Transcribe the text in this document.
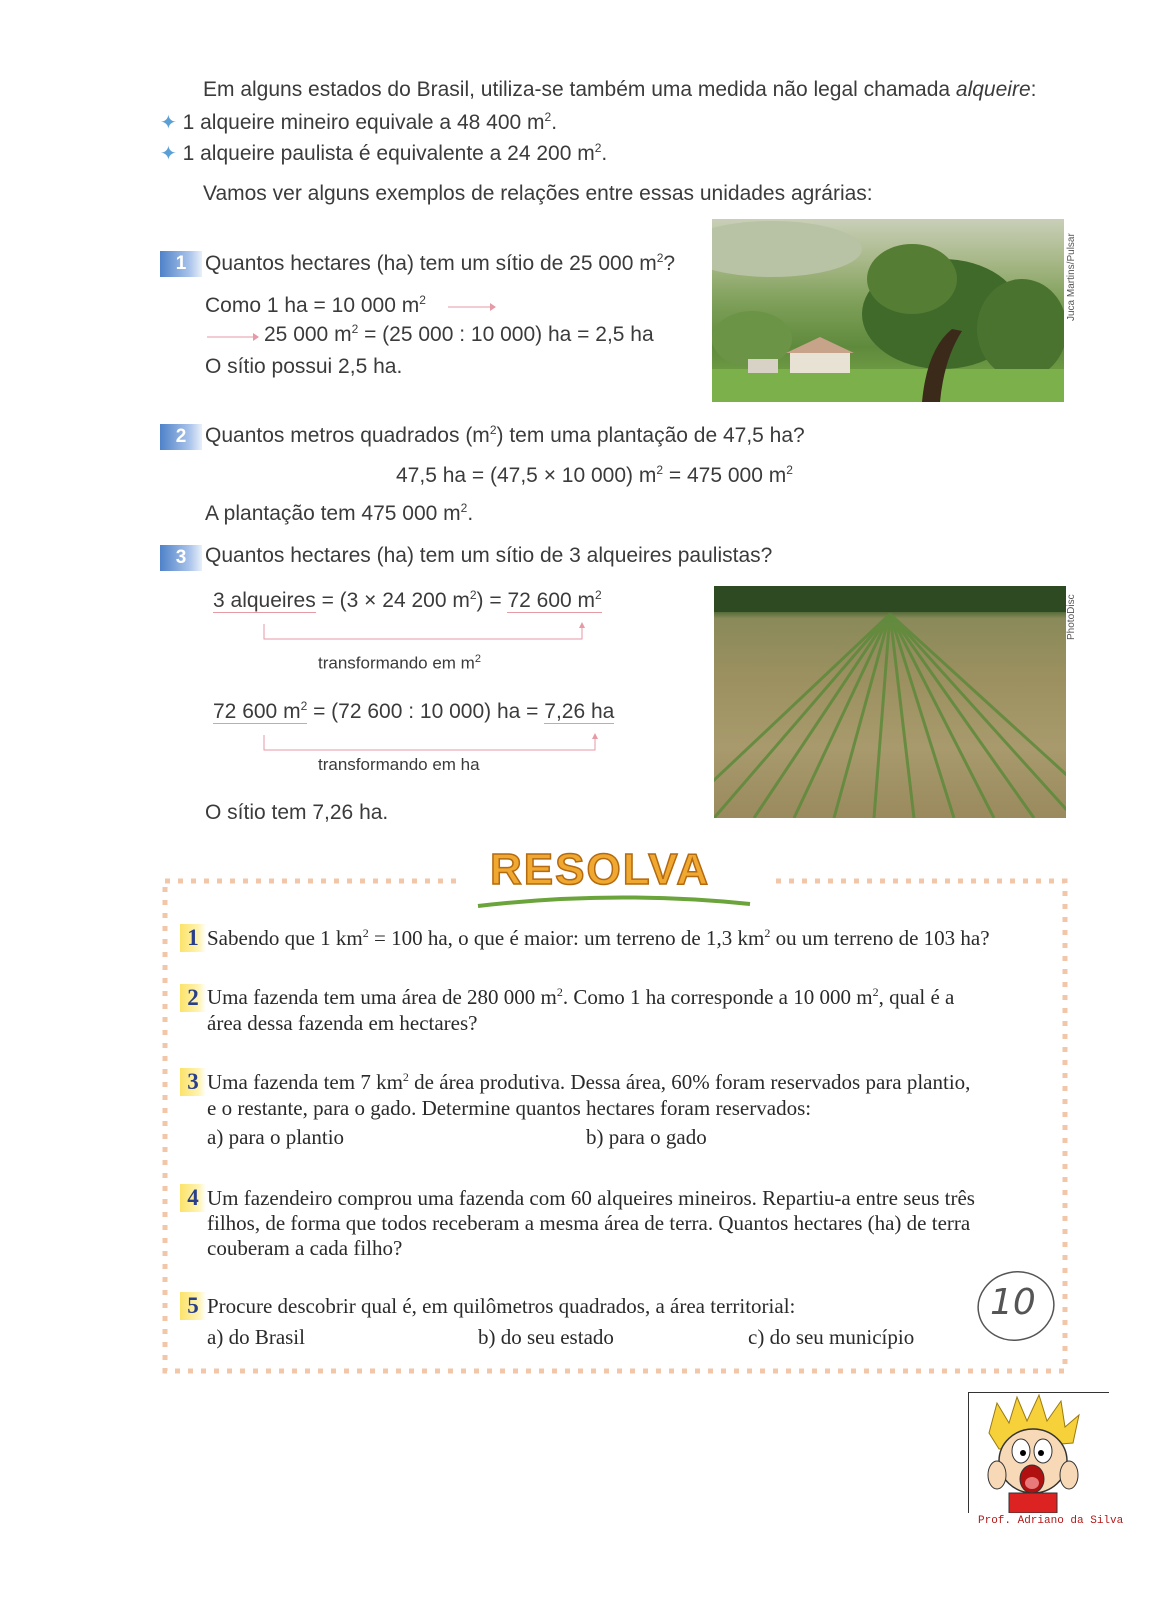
Em alguns estados do Brasil, utiliza-se também uma medida não legal chamada alqueire:
✦ 1 alqueire mineiro equivale a 48 400 $m^2$.
✦ 1 alqueire paulista é equivalente a 24 200 $m^2$.
Vamos ver alguns exemplos de relações entre essas unidades agrárias:
1 Quantos hectares (ha) tem um sítio de 25 000 $m^2$?
Como 1 ha = 10 000 $m^2$
25 000 $m^2 = (25$ 000 : 10 000) ha = 2,5 ha
O sítio possui 2,5 ha.
Juca Martins/Pulsar
2 Quantos metros quadrados $(m^2)$ tem uma plantação de 47,5 ha?
47,5 ha = (47,5 × 10 000) $m^2 = 475$ 000 $m^2$
A plantação tem 475 000 $m^2$.
3 Quantos hectares (ha) tem um sítio de 3 alqueires paulistas?
3 alqueires = (3 × 24 200 $m^2) = 72$ 600 $m^2$
transformando em $m^2$
72 600 $m^2 = (72$ 600 : 10 000) ha = 7,26 ha
transformando em ha
O sítio tem 7,26 ha.
PhotoDisc
RESOLVA
1 Sabendo que 1 $km^2 = 100$ ha, o que é maior: um terreno de 1,3 $km^2$ ou um terreno de 103 ha?
2 Uma fazenda tem uma área de 280 000 $m^2$. Como 1 ha corresponde a 10 000 $m^2$, qual é a
área dessa fazenda em hectares?
3 Uma fazenda tem 7 $km^2$ de área produtiva. Dessa área, 60% foram reservados para plantio,
e o restante, para o gado. Determine quantos hectares foram reservados:
a) para o plantio	b) para o gado
4 Um fazendeiro comprou uma fazenda com 60 alqueires mineiros. Repartiu-a entre seus três
filhos, de forma que todos receberam a mesma área de terra. Quantos hectares (ha) de terra
couberam a cada filho?
5 Procure descobrir qual é, em quilômetros quadrados, a área territorial:
a) do Brasil	b) do seu estado	c) do seu município
10
Prof. Adriano da Silva
